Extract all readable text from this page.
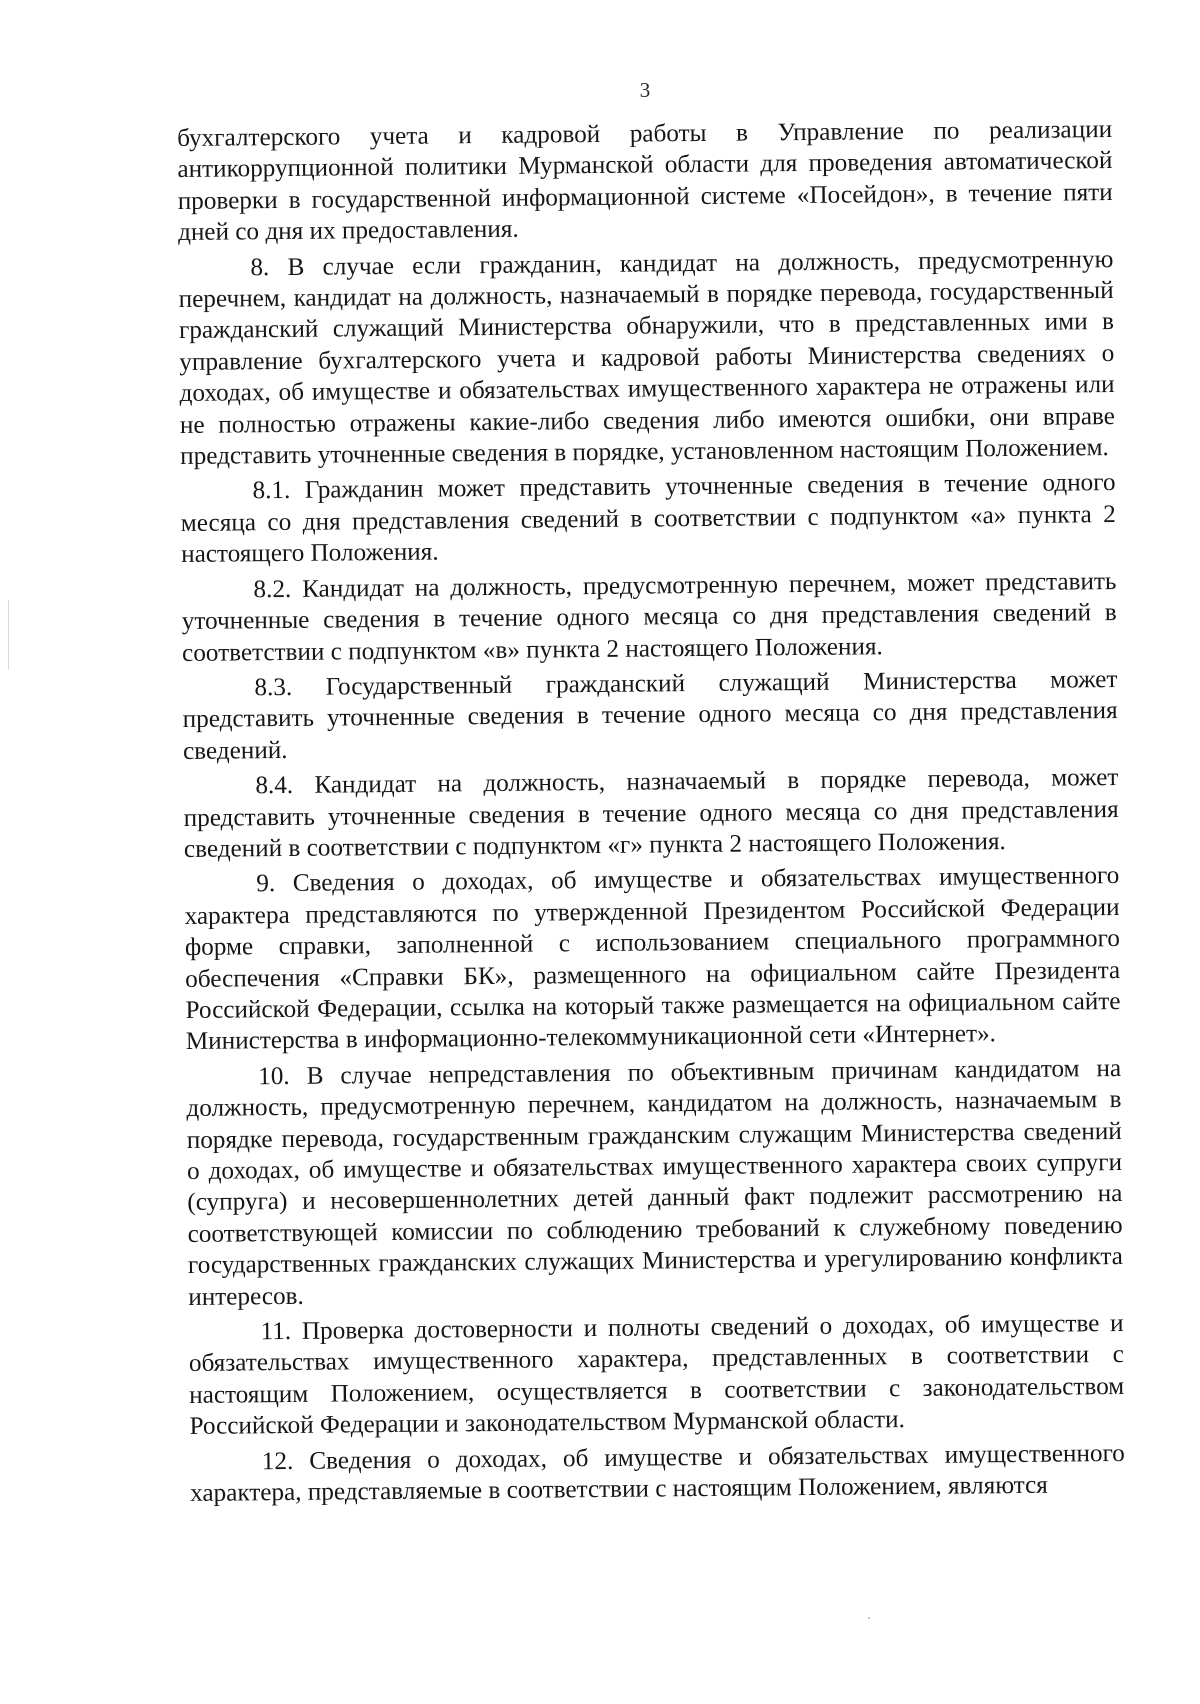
3

бухгалтерского учета и кадровой работы в Управление по реализации антикоррупционной политики Мурманской области для проведения автоматической проверки в государственной информационной системе «Посейдон», в течение пяти дней со дня их предоставления.

8. В случае если гражданин, кандидат на должность, предусмотренную перечнем, кандидат на должность, назначаемый в порядке перевода, государственный гражданский служащий Министерства обнаружили, что в представленных ими в управление бухгалтерского учета и кадровой работы Министерства сведениях о доходах, об имуществе и обязательствах имущественного характера не отражены или не полностью отражены какие-либо сведения либо имеются ошибки, они вправе представить уточненные сведения в порядке, установленном настоящим Положением.

8.1. Гражданин может представить уточненные сведения в течение одного месяца со дня представления сведений в соответствии с подпунктом «а» пункта 2 настоящего Положения.

8.2. Кандидат на должность, предусмотренную перечнем, может представить уточненные сведения в течение одного месяца со дня представления сведений в соответствии с подпунктом «в» пункта 2 настоящего Положения.

8.3. Государственный гражданский служащий Министерства может представить уточненные сведения в течение одного месяца со дня представления сведений.

8.4. Кандидат на должность, назначаемый в порядке перевода, может представить уточненные сведения в течение одного месяца со дня представления сведений в соответствии с подпунктом «г» пункта 2 настоящего Положения.

9. Сведения о доходах, об имуществе и обязательствах имущественного характера представляются по утвержденной Президентом Российской Федерации форме справки, заполненной с использованием специального программного обеспечения «Справки БК», размещенного на официальном сайте Президента Российской Федерации, ссылка на который также размещается на официальном сайте Министерства в информационно-телекоммуникационной сети «Интернет».

10. В случае непредставления по объективным причинам кандидатом на должность, предусмотренную перечнем, кандидатом на должность, назначаемым в порядке перевода, государственным гражданским служащим Министерства сведений о доходах, об имуществе и обязательствах имущественного характера своих супруги (супруга) и несовершеннолетних детей данный факт подлежит рассмотрению на соответствующей комиссии по соблюдению требований к служебному поведению государственных гражданских служащих Министерства и урегулированию конфликта интересов.

11. Проверка достоверности и полноты сведений о доходах, об имуществе и обязательствах имущественного характера, представленных в соответствии с настоящим Положением, осуществляется в соответствии с законодательством Российской Федерации и законодательством Мурманской области.

12. Сведения о доходах, об имуществе и обязательствах имущественного характера, представляемые в соответствии с настоящим Положением, являются
